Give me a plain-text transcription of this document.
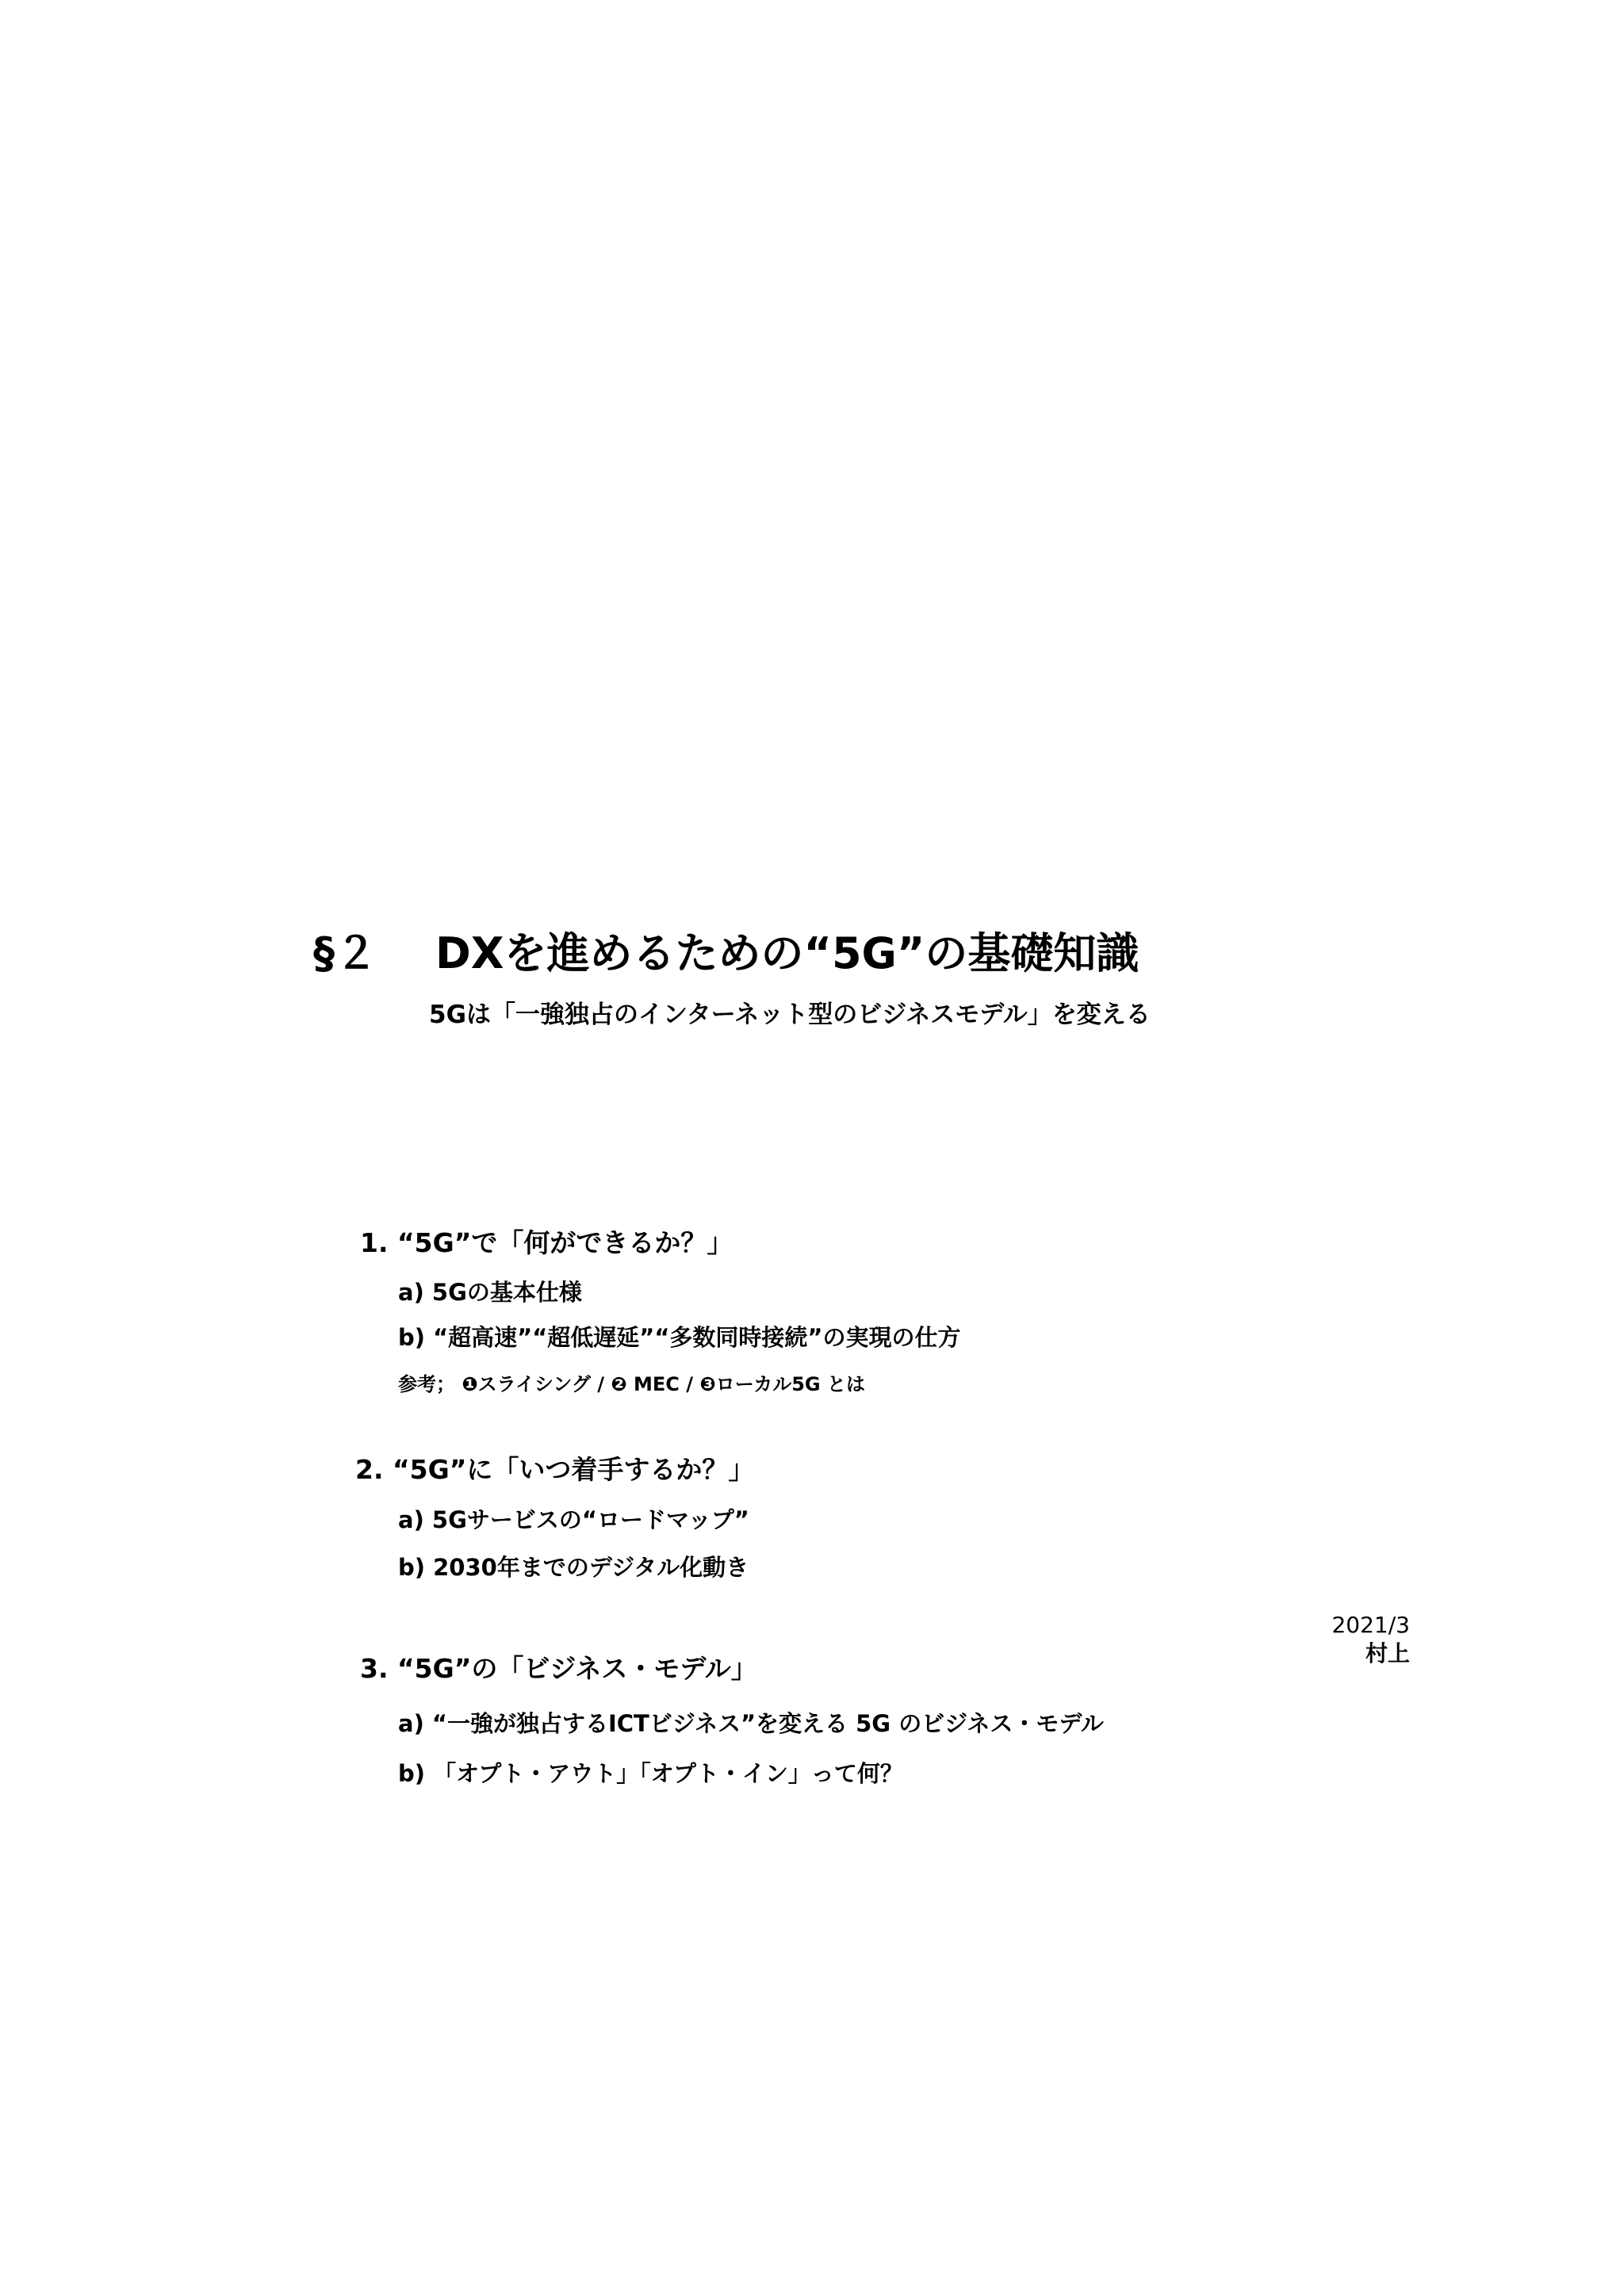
§２ DXを進めるための“5G”の基礎知識
5Gは「一強独占のインターネット型のビジネスモデル」を変える
1. “5G”で「何ができるか？」
a) 5Gの基本仕様
b) “超高速”“超低遅延”“多数同時接続”の実現の仕方
参考； ❶スライシング / ❷ MEC / ❸ローカル5G とは
2. “5G”に「いつ着手するか？」
a) 5Gサービスの“ロードマップ”
b) 2030年までのデジタル化動き
3. “5G”の「ビジネス・モデル」
a) “一強が独占するICTビジネス”を変える 5G のビジネス・モデル
b) 「オプト・アウト」「オプト・イン」って何？
2021/3
村上
